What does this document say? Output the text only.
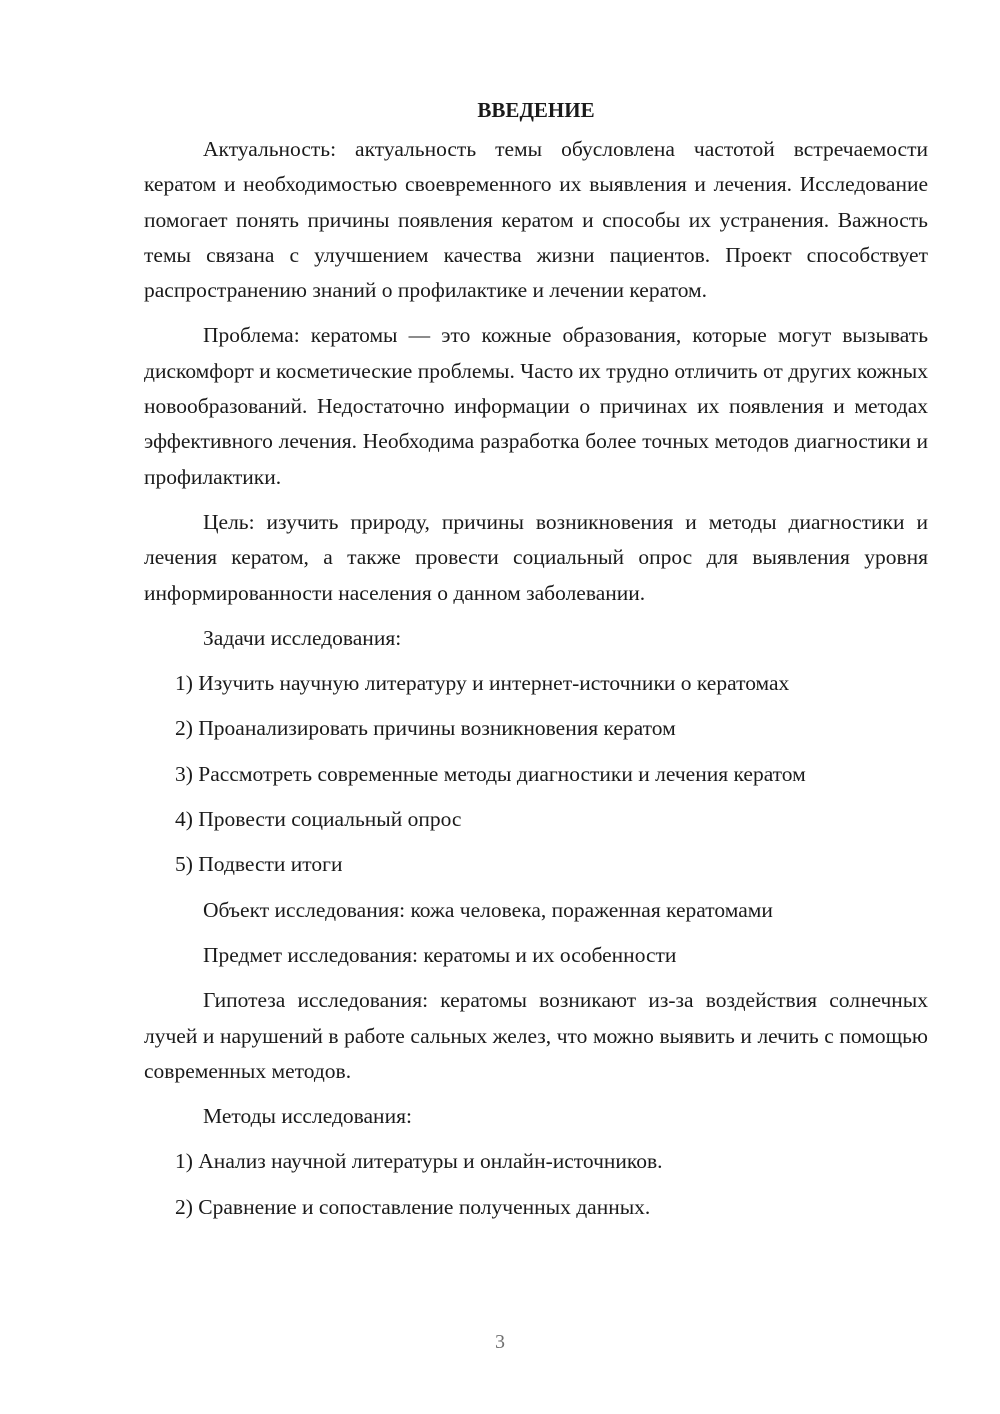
ВВЕДЕНИЕ

Актуальность: актуальность темы обусловлена частотой встречаемости кератом и необходимостью своевременного их выявления и лечения. Исследование помогает понять причины появления кератом и способы их устранения. Важность темы связана с улучшением качества жизни пациентов. Проект способствует распространению знаний о профилактике и лечении кератом.

Проблема: кератомы — это кожные образования, которые могут вызывать дискомфорт и косметические проблемы. Часто их трудно отличить от других кожных новообразований. Недостаточно информации о причинах их появления и методах эффективного лечения. Необходима разработка более точных методов диагностики и профилактики.

Цель: изучить природу, причины возникновения и методы диагностики и лечения кератом, а также провести социальный опрос для выявления уровня информированности населения о данном заболевании.

Задачи исследования:

1) Изучить научную литературу и интернет-источники о кератомах

2) Проанализировать причины возникновения кератом

3) Рассмотреть современные методы диагностики и лечения кератом

4) Провести социальный опрос

5) Подвести итоги

Объект исследования: кожа человека, пораженная кератомами

Предмет исследования: кератомы и их особенности

Гипотеза исследования: кератомы возникают из-за воздействия солнечных лучей и нарушений в работе сальных желез, что можно выявить и лечить с помощью современных методов.

Методы исследования:

1) Анализ научной литературы и онлайн-источников.

2) Сравнение и сопоставление полученных данных.

3
